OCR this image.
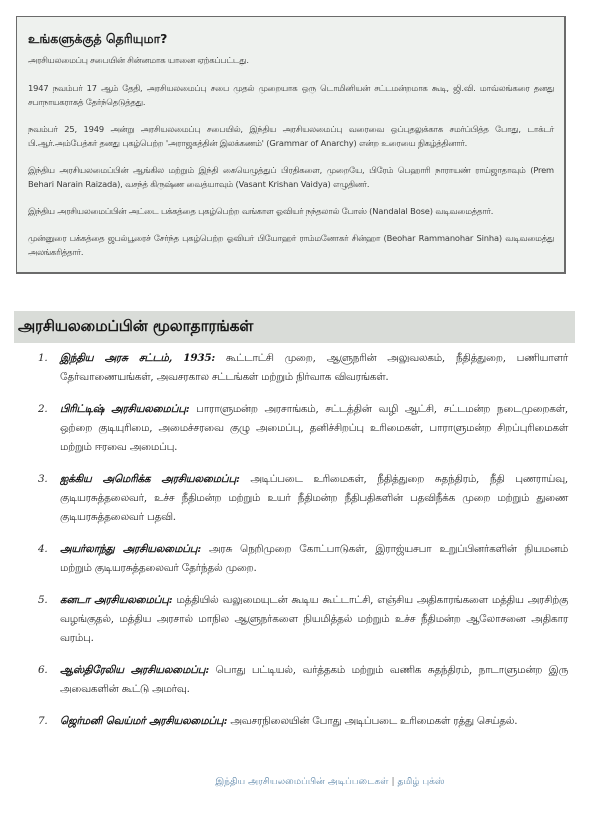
உங்களுக்குத் தெரியுமா?

அரசியலமைப்பு சபையின் சின்னமாக யானை ஏற்கப்பட்டது.

1947 நவம்பர் 17 ஆம் தேதி, அரசியலமைப்பு சபை முதல் முறையாக ஒரு டொமினியன் சட்டமன்றமாக கூடி, ஜி.வி. மாவ்லங்கரை தனது சபாநாயகராகத் தேர்ந்தெடுத்தது.

நவம்பர் 25, 1949 அன்று அரசியலமைப்பு சபையில், இந்திய அரசியலமைப்பு வரைவை ஒப்புதலுக்காக சமர்ப்பித்த போது, டாக்டர் பி.ஆர்.அம்பேத்கர் தனது புகழ்பெற்ற 'அராஜகத்தின் இலக்கணம்' (Grammar of Anarchy) என்ற உரையை நிகழ்த்தினார்.

இந்திய அரசியலமைப்பின் ஆங்கில மற்றும் இந்தி கையெழுத்துப் பிரதிகளை, முறையே, பிரேம் பெஹாரி நாராயண் ராய்ஜாதாவும் (Prem Behari Narain Raizada), வசந்த் கிருஷ்ண வைத்யாவும் (Vasant Krishan Vaidya) எழுதினர்.

இந்திய அரசியலமைப்பின் அட்டை பக்கத்தை புகழ்பெற்ற வங்காள ஓவியர் நந்தலால் போஸ் (Nandalal Bose) வடிவமைத்தார்.

முன்னுரை பக்கத்தை ஜபல்பூரைச் சேர்ந்த புகழ்பெற்ற ஓவியர் பியோஹர் ராம்மனோகர் சின்ஹா (Beohar Rammanohar Sinha) வடிவமைத்து அலங்கரித்தார்.

அரசியலமைப்பின் மூலாதாரங்கள்
1. இந்திய அரசு சட்டம், 1935: கூட்டாட்சி முறை, ஆளுநரின் அலுவலகம், நீதித்துறை, பணியாளர் தேர்வாணையங்கள், அவசரகால சட்டங்கள் மற்றும் நிர்வாக விவரங்கள்.
2. பிரிட்டிஷ் அரசியலமைப்பு: பாராளுமன்ற அரசாங்கம், சட்டத்தின் வழி ஆட்சி, சட்டமன்ற நடைமுறைகள், ஒற்றை குடியுரிமை, அமைச்சரவை குழு அமைப்பு, தனிச்சிறப்பு உரிமைகள், பாராளுமன்ற சிறப்புரிமைகள் மற்றும் ஈரவை அமைப்பு.
3. ஐக்கிய அமெரிக்க அரசியலமைப்பு: அடிப்படை உரிமைகள், நீதித்துறை சுதந்திரம், நீதி புணராய்வு, குடியரசுத்தலைவர், உச்ச நீதிமன்ற மற்றும் உயர் நீதிமன்ற நீதிபதிகளின் பதவிநீக்க முறை மற்றும் துணை குடியரசுத்தலைவர் பதவி.
4. அயர்லாந்து அரசியலமைப்பு: அரசு நெறிமுறை கோட்பாடுகள், இராஜ்யசபா உறுப்பினர்களின் நியமனம் மற்றும் குடியரசுத்தலைவர் தேர்ந்தல் முறை.
5. கனடா அரசியலமைப்பு: மத்தியில் வலுமையுடன் கூடிய கூட்டாட்சி, எஞ்சிய அதிகாரங்களை மத்திய அரசிற்கு வழங்குதல், மத்திய அரசால் மாநில ஆளுநர்களை நியமித்தல் மற்றும் உச்ச நீதிமன்ற ஆலோசனை அதிகார வரம்பு.
6. ஆஸ்திரேலிய அரசியலமைப்பு: பொது பட்டியல், வர்த்தகம் மற்றும் வணிக சுதந்திரம், நாடாளுமன்ற இரு அவைகளின் கூட்டு அமர்வு.
7. ஜெர்மனி வெய்மர் அரசியலமைப்பு: அவசரநிலையின் போது அடிப்படை உரிமைகள் ரத்து செய்தல்.
இந்திய அரசியலமைப்பின் அடிப்படைகள் | தமிழ் புக்ஸ்
